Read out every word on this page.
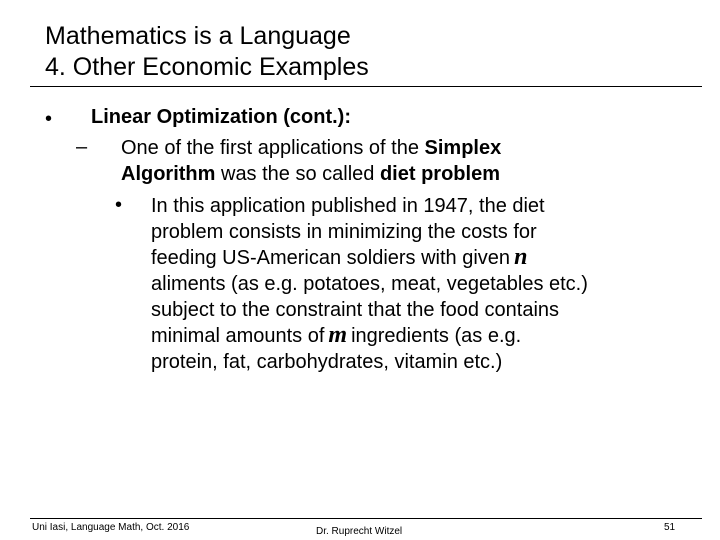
Mathematics is a Language
4. Other Economic Examples
• Linear Optimization (cont.):
– One of the first applications of the Simplex
Algorithm was the so called diet problem
• In this application published in 1947, the diet
problem consists in minimizing the costs for
feeding US-American soldiers with given n
aliments (as e.g. potatoes, meat, vegetables etc.)
subject to the constraint that the food contains
minimal amounts of m ingredients (as e.g.
protein, fat, carbohydrates, vitamin etc.)
Uni Iasi, Language Math, Oct. 2016	Dr. Ruprecht Witzel	51
